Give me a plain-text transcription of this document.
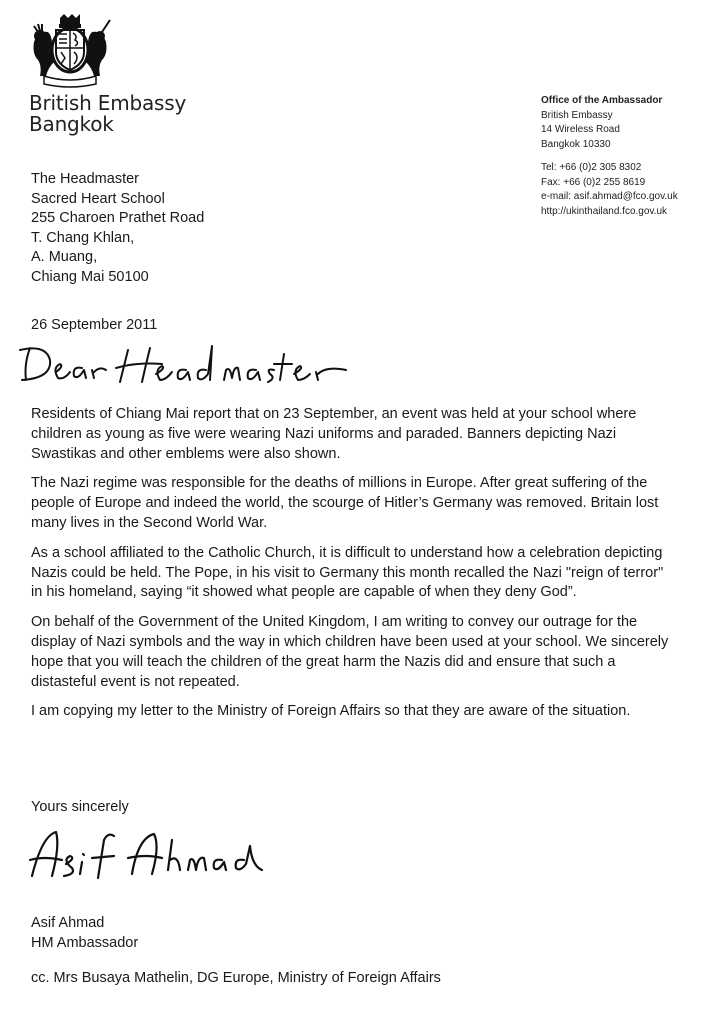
British Embassy
Bangkok
Office of the Ambassador
British Embassy
14 Wireless Road
Bangkok 10330
Tel: +66 (0)2 305 8302
Fax: +66 (0)2 255 8619
e-mail: asif.ahmad@fco.gov.uk
http://ukinthailand.fco.gov.uk
The Headmaster
Sacred Heart School
255 Charoen Prathet Road
T. Chang Khlan,
A. Muang,
Chiang Mai 50100
26 September 2011

Residents of Chiang Mai report that on 23 September, an event was held at your school where children as young as five were wearing Nazi uniforms and paraded. Banners depicting Nazi Swastikas and other emblems were also shown.

The Nazi regime was responsible for the deaths of millions in Europe. After great suffering of the people of Europe and indeed the world, the scourge of Hitler’s Germany was removed. Britain lost many lives in the Second World War.

As a school affiliated to the Catholic Church, it is difficult to understand how a celebration depicting Nazis could be held. The Pope, in his visit to Germany this month recalled the Nazi "reign of terror" in his homeland, saying “it showed what people are capable of when they deny God”.

On behalf of the Government of the United Kingdom, I am writing to convey our outrage for the display of Nazi symbols and the way in which children have been used at your school. We sincerely hope that you will teach the children of the great harm the Nazis did and ensure that such a distasteful event is not repeated.

I am copying my letter to the Ministry of Foreign Affairs so that they are aware of the situation.

Yours sincerely
Asif Ahmad
HM Ambassador
cc. Mrs Busaya Mathelin, DG Europe, Ministry of Foreign Affairs
